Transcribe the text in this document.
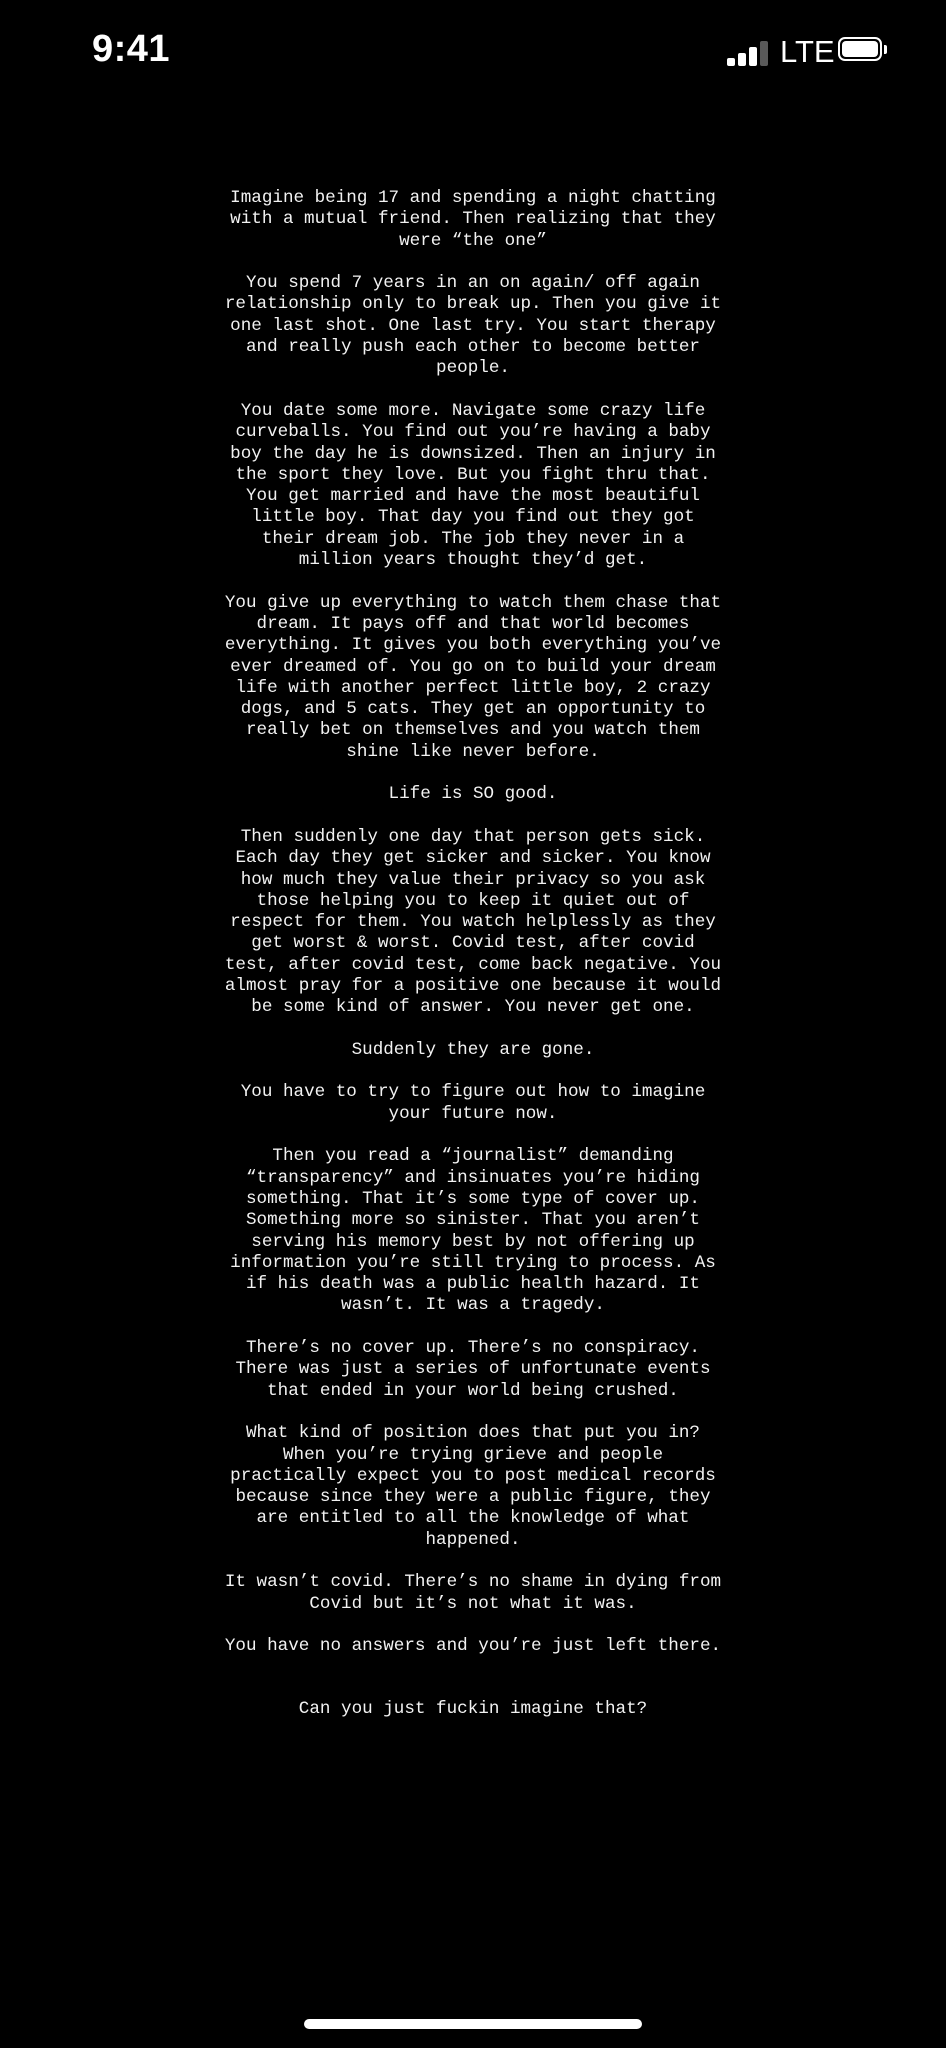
9:41	LTE

Imagine being 17 and spending a night chatting
with a mutual friend. Then realizing that they
were “the one”

You spend 7 years in an on again/ off again
relationship only to break up. Then you give it
one last shot. One last try. You start therapy
and really push each other to become better
people.

You date some more. Navigate some crazy life
curveballs. You find out you’re having a baby
boy the day he is downsized. Then an injury in
the sport they love. But you fight thru that.
You get married and have the most beautiful
little boy. That day you find out they got
their dream job. The job they never in a
million years thought they’d get.

You give up everything to watch them chase that
dream. It pays off and that world becomes
everything. It gives you both everything you’ve
ever dreamed of. You go on to build your dream
life with another perfect little boy, 2 crazy
dogs, and 5 cats. They get an opportunity to
really bet on themselves and you watch them
shine like never before.

Life is SO good.

Then suddenly one day that person gets sick.
Each day they get sicker and sicker. You know
how much they value their privacy so you ask
those helping you to keep it quiet out of
respect for them. You watch helplessly as they
get worst & worst. Covid test, after covid
test, after covid test, come back negative. You
almost pray for a positive one because it would
be some kind of answer. You never get one.

Suddenly they are gone.

You have to try to figure out how to imagine
your future now.

Then you read a “journalist” demanding
“transparency” and insinuates you’re hiding
something. That it’s some type of cover up.
Something more so sinister. That you aren’t
serving his memory best by not offering up
information you’re still trying to process. As
if his death was a public health hazard. It
wasn’t. It was a tragedy.

There’s no cover up. There’s no conspiracy.
There was just a series of unfortunate events
that ended in your world being crushed.

What kind of position does that put you in?
When you’re trying grieve and people
practically expect you to post medical records
because since they were a public figure, they
are entitled to all the knowledge of what
happened.

It wasn’t covid. There’s no shame in dying from
Covid but it’s not what it was.

You have no answers and you’re just left there.

Can you just fuckin imagine that?
